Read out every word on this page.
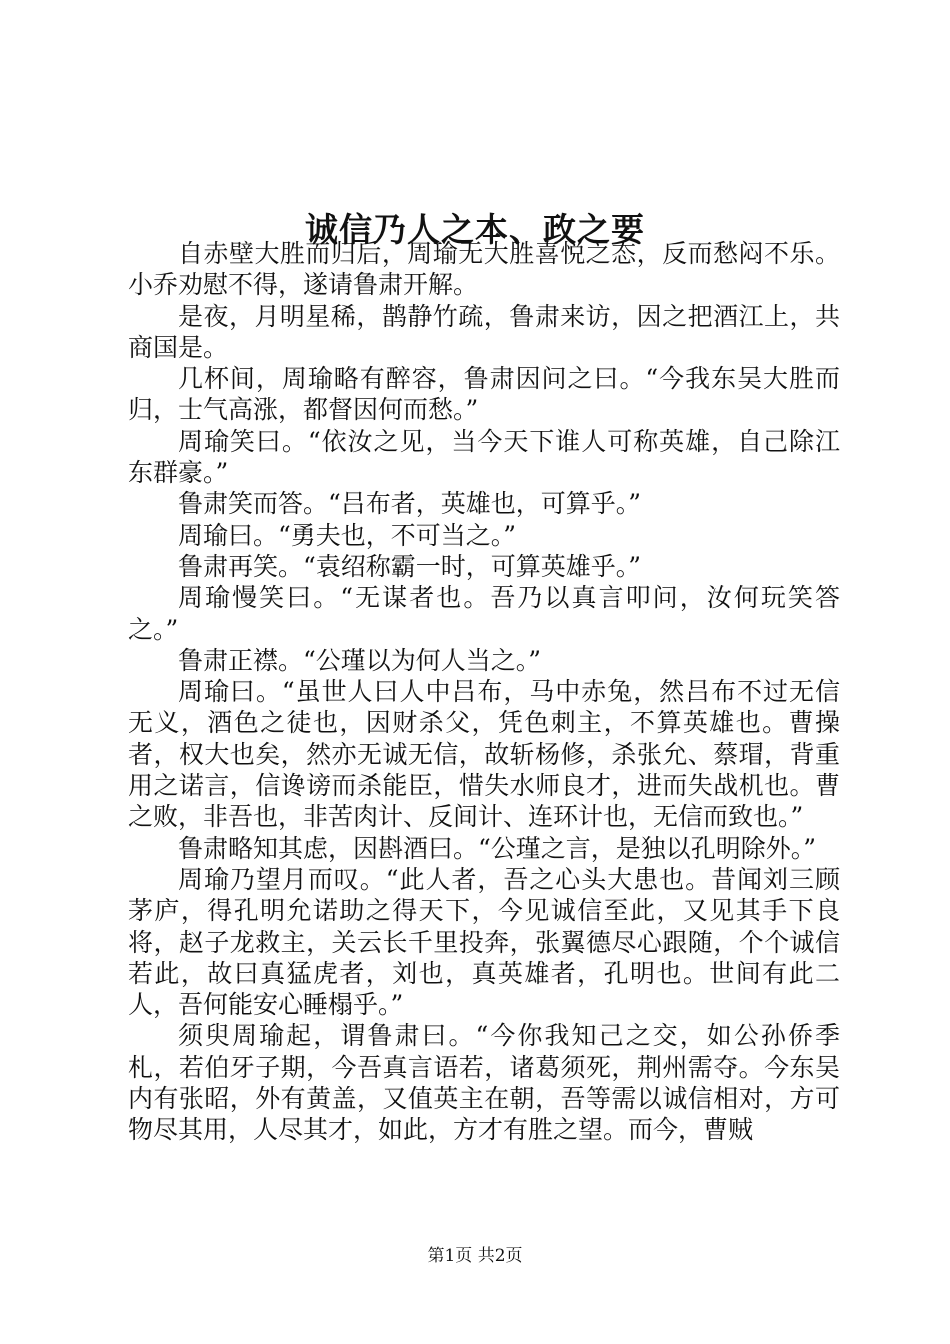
诚信乃人之本、政之要

自赤壁大胜而归后，周瑜无大胜喜悦之态，反而愁闷不乐。小乔劝慰不得，遂请鲁肃开解。

是夜，月明星稀，鹊静竹疏，鲁肃来访，因之把酒江上，共商国是。

几杯间，周瑜略有醉容，鲁肃因问之曰。“今我东吴大胜而归，士气高涨，都督因何而愁。”

周瑜笑曰。“依汝之见，当今天下谁人可称英雄，自己除江东群豪。”

鲁肃笑而答。“吕布者，英雄也，可算乎。”

周瑜曰。“勇夫也，不可当之。”

鲁肃再笑。“袁绍称霸一时，可算英雄乎。”

周瑜慢笑曰。“无谋者也。吾乃以真言叩问，汝何玩笑答之。”

鲁肃正襟。“公瑾以为何人当之。”

周瑜曰。“虽世人曰人中吕布，马中赤兔，然吕布不过无信无义，酒色之徒也，因财杀父，凭色刺主，不算英雄也。曹操者，权大也矣，然亦无诚无信，故斩杨修，杀张允、蔡瑁，背重用之诺言，信谗谤而杀能臣，惜失水师良才，进而失战机也。曹之败，非吾也，非苦肉计、反间计、连环计也，无信而致也。”

鲁肃略知其虑，因斟酒曰。“公瑾之言，是独以孔明除外。”

周瑜乃望月而叹。“此人者，吾之心头大患也。昔闻刘三顾茅庐，得孔明允诺助之得天下，今见诚信至此，又见其手下良将，赵子龙救主，关云长千里投奔，张翼德尽心跟随，个个诚信若此，故曰真猛虎者，刘也，真英雄者，孔明也。世间有此二人，吾何能安心睡榻乎。”

须臾周瑜起，谓鲁肃曰。“今你我知己之交，如公孙侨季札，若伯牙子期，今吾真言语若，诸葛须死，荆州需夺。今东吴内有张昭，外有黄盖，又值英主在朝，吾等需以诚信相对，方可物尽其用，人尽其才，如此，方才有胜之望。而今，曹贼

第1页 共2页
